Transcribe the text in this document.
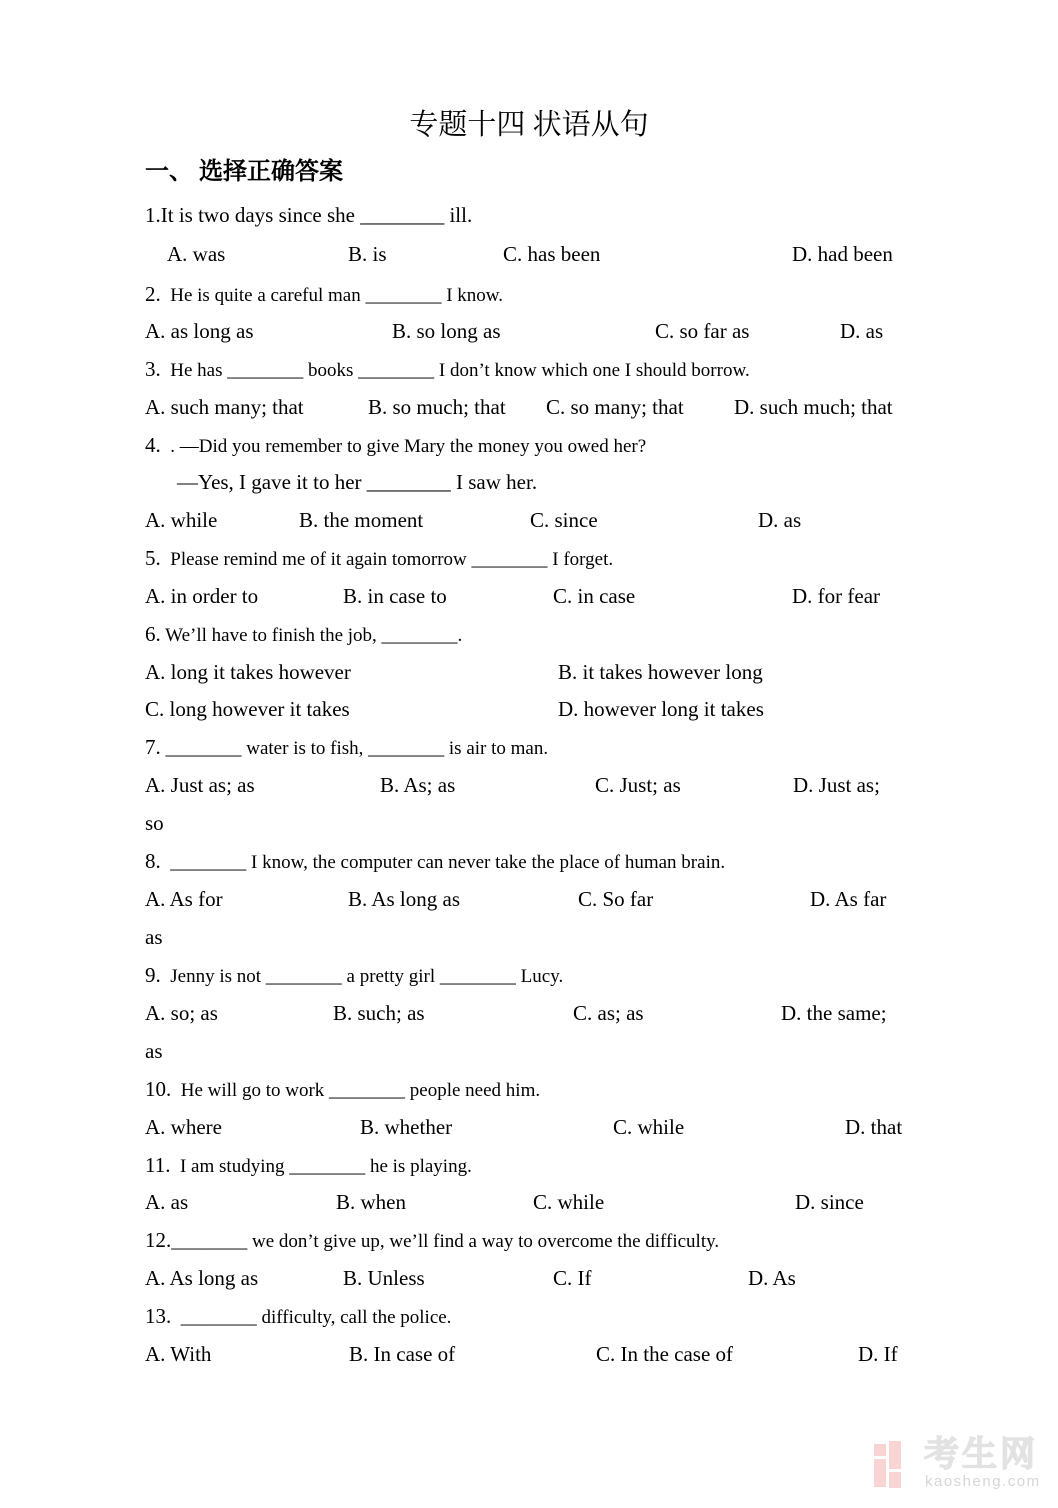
专题十四 状语从句
一、 选择正确答案
1.It is two days since she ________ ill.

A. was

	B. is

	C. has been

	D. had been

2.  He is quite a careful man ________ I know.

A. as long as

	B. so long as

	C. so far as

	D. as

3.  He has ________ books ________ I don’t know which one I should borrow.

A. such many; that

	B. so much; that

C. so many; that

D. such much; that

4.  . —Did you remember to give Mary the money you owed her?
—Yes, I gave it to her ________ I saw her.

A. while

	B. the moment

	C. since

	D. as

5.  Please remind me of it again tomorrow ________ I forget.

A. in order to

	B. in case to

	C. in case

	D. for fear

6. We’ll have to finish the job, ________.

A. long it takes however

	B. it takes however long

C. long however it takes

	D. however long it takes

7. ________ water is to fish, ________ is air to man.

A. Just as; as

	B. As; as

	C. Just; as

	D. Just as;

so
8.  ________ I know, the computer can never take the place of human brain.

A. As for

	B. As long as

	C. So far

	D. As far

as
9.  Jenny is not ________ a pretty girl ________ Lucy.

A. so; as

	B. such; as

	C. as; as

	D. the same;

as
10.  He will go to work ________ people need him.

A. where

	B. whether

	C. while

	D. that

11.  I am studying ________ he is playing.

A. as

	B. when

	C. while

	D. since

12.________ we don’t give up, we’ll find a way to overcome the difficulty.

A. As long as

	B. Unless

	C. If

	D. As

13.  ________ difficulty, call the police.

A. With

	B. In case of

	C. In the case of

	D. If

考生网
kaosheng.com
